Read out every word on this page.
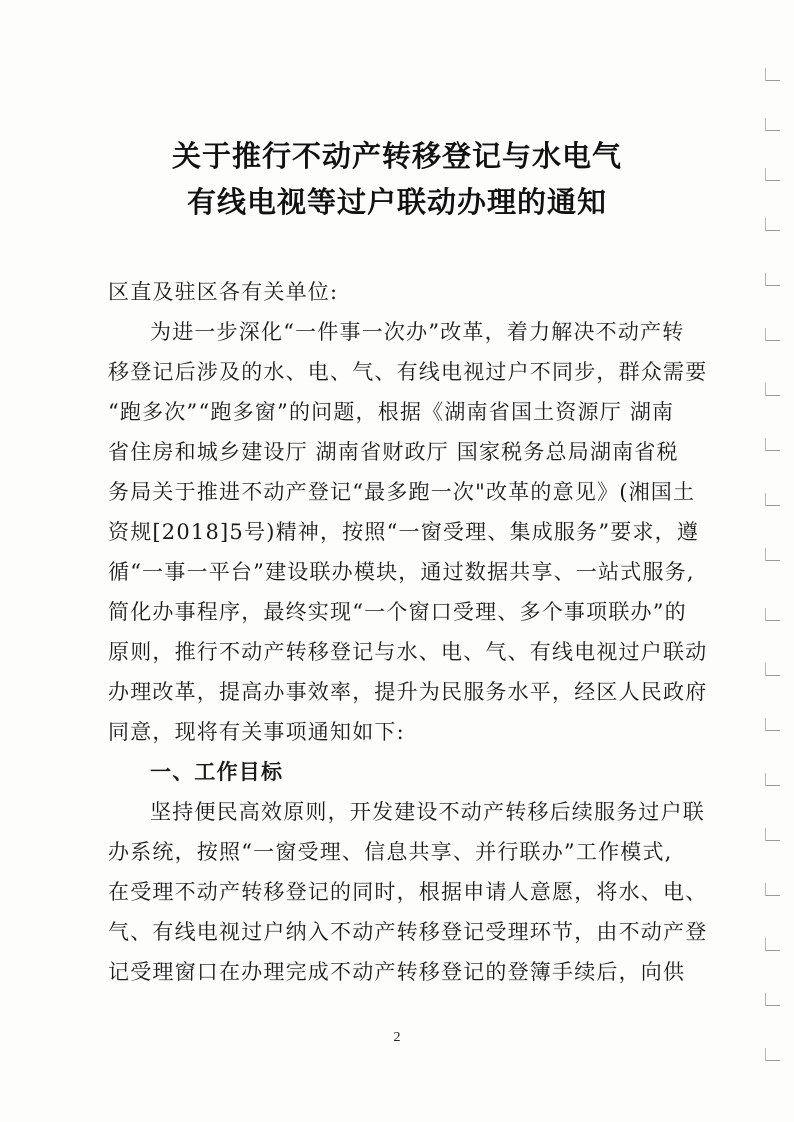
关于推行不动产转移登记与水电气
有线电视等过户联动办理的通知
区直及驻区各有关单位:
为进一步深化“一件事一次办”改革，着力解决不动产转
移登记后涉及的水、电、气、有线电视过户不同步，群众需要
“跑多次”“跑多窗”的问题，根据《湖南省国土资源厅 湖南
省住房和城乡建设厅 湖南省财政厅 国家税务总局湖南省税
务局关于推进不动产登记“最多跑一次"改革的意见》(湘国土
资规[2018]5号)精神，按照“一窗受理、集成服务”要求，遵
循“一事一平台”建设联办模块，通过数据共享、一站式服务,
简化办事程序，最终实现“一个窗口受理、多个事项联办”的
原则，推行不动产转移登记与水、电、气、有线电视过户联动
办理改革，提高办事效率，提升为民服务水平，经区人民政府
同意，现将有关事项通知如下:
一、工作目标
坚持便民高效原则，开发建设不动产转移后续服务过户联
办系统，按照“一窗受理、信息共享、并行联办”工作模式,
在受理不动产转移登记的同时，根据申请人意愿，将水、电、
气、有线电视过户纳入不动产转移登记受理环节，由不动产登
记受理窗口在办理完成不动产转移登记的登簿手续后，向供
2
